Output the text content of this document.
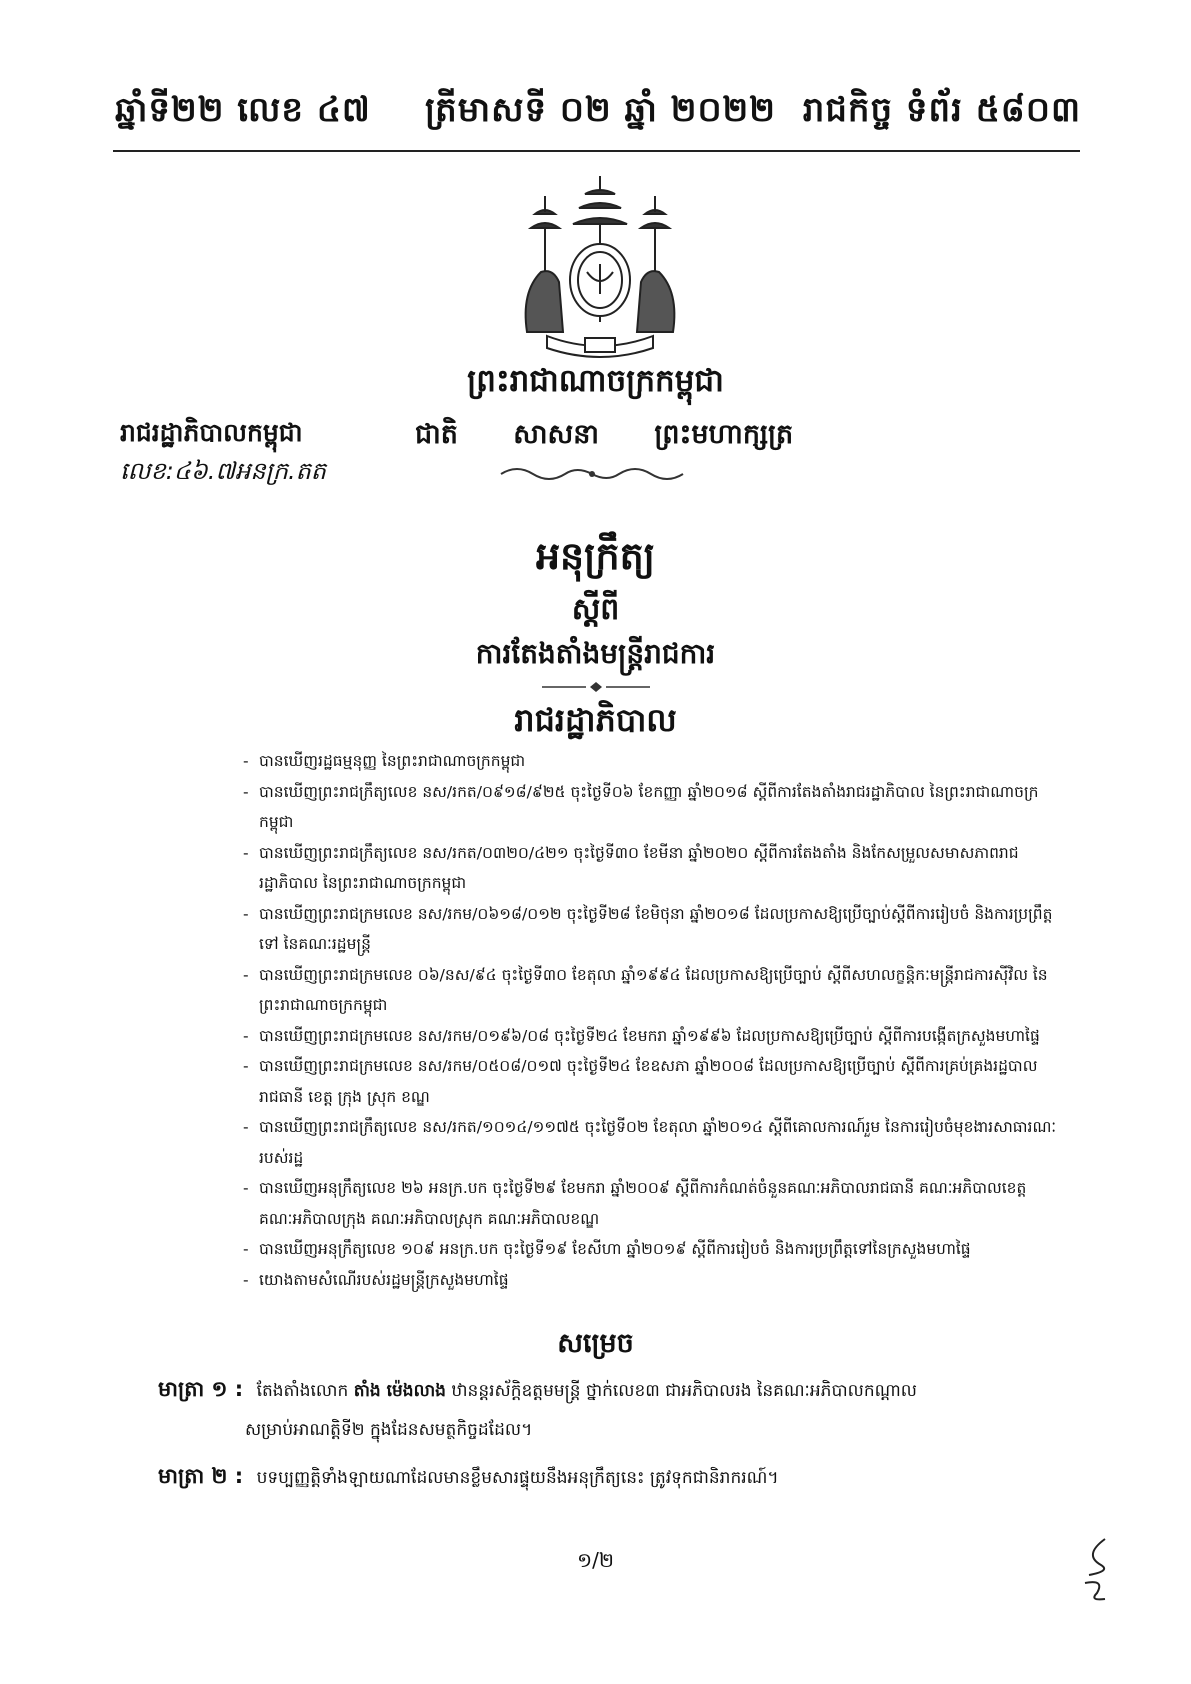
ឆ្នាំទី២២ លេខ ៤៧ ត្រីមាសទី ០២ ឆ្នាំ ២០២២ រាជកិច្ច ទំព័រ ៥៨០៣
ព្រះរាជាណាចក្រកម្ពុជា
រាជរដ្ឋាភិបាលកម្ពុជា	ជាតិ សាសនា ព្រះមហាក្សត្រ
លេខ:៤៦.៧អនក្រ.តត
អនុក្រឹត្យ
ស្តីពី
ការតែងតាំងមន្ត្រីរាជការ
រាជរដ្ឋាភិបាល
- បានឃើញរដ្ឋធម្មនុញ្ញ នៃព្រះរាជាណាចក្រកម្ពុជា
- បានឃើញព្រះរាជក្រឹត្យលេខ នស/រកត/០៩១៨/៩២៥ ចុះថ្ងៃទី០៦ ខែកញ្ញា ឆ្នាំ២០១៨ ស្តីពីការតែងតាំងរាជរដ្ឋាភិបាល នៃព្រះរាជាណាចក្រកម្ពុជា
- បានឃើញព្រះរាជក្រឹត្យលេខ នស/រកត/០៣២០/៤២១ ចុះថ្ងៃទី៣០ ខែមីនា ឆ្នាំ២០២០ ស្តីពីការតែងតាំង និងកែសម្រួលសមាសភាពរាជរដ្ឋាភិបាល នៃព្រះរាជាណាចក្រកម្ពុជា
- បានឃើញព្រះរាជក្រមលេខ នស/រកម/០៦១៨/០១២ ចុះថ្ងៃទី២៨ ខែមិថុនា ឆ្នាំ២០១៨ ដែលប្រកាសឱ្យប្រើច្បាប់ស្តីពីការរៀបចំ និងការប្រព្រឹត្តទៅ នៃគណៈរដ្ឋមន្ត្រី
- បានឃើញព្រះរាជក្រមលេខ ០៦/នស/៩៤ ចុះថ្ងៃទី៣០ ខែតុលា ឆ្នាំ១៩៩៤ ដែលប្រកាសឱ្យប្រើច្បាប់ ស្តីពីសហលក្ខន្តិកៈមន្ត្រីរាជការស៊ីវិល នៃព្រះរាជាណាចក្រកម្ពុជា
- បានឃើញព្រះរាជក្រមលេខ នស/រកម/០១៩៦/០៨ ចុះថ្ងៃទី២៤ ខែមករា ឆ្នាំ១៩៩៦ ដែលប្រកាសឱ្យប្រើច្បាប់ ស្តីពីការបង្កើតក្រសួងមហាផ្ទៃ
- បានឃើញព្រះរាជក្រមលេខ នស/រកម/០៥០៨/០១៧ ចុះថ្ងៃទី២៤ ខែឧសភា ឆ្នាំ២០០៨ ដែលប្រកាសឱ្យប្រើច្បាប់ ស្តីពីការគ្រប់គ្រងរដ្ឋបាលរាជធានី ខេត្ត ក្រុង ស្រុក ខណ្ឌ
- បានឃើញព្រះរាជក្រឹត្យលេខ នស/រកត/១០១៤/១១៧៥ ចុះថ្ងៃទី០២ ខែតុលា ឆ្នាំ២០១៤ ស្តីពីគោលការណ៍រួម នៃការរៀបចំមុខងារសាធារណៈរបស់រដ្ឋ
- បានឃើញអនុក្រឹត្យលេខ ២៦ អនក្រ.បក ចុះថ្ងៃទី២៩ ខែមករា ឆ្នាំ២០០៩ ស្តីពីការកំណត់ចំនួនគណៈអភិបាលរាជធានី គណៈអភិបាលខេត្ត គណៈអភិបាលក្រុង គណៈអភិបាលស្រុក គណៈអភិបាលខណ្ឌ
- បានឃើញអនុក្រឹត្យលេខ ១០៩ អនក្រ.បក ចុះថ្ងៃទី១៩ ខែសីហា ឆ្នាំ២០១៩ ស្តីពីការរៀបចំ និងការប្រព្រឹត្តទៅនៃក្រសួងមហាផ្ទៃ
- យោងតាមសំណើរបស់រដ្ឋមន្ត្រីក្រសួងមហាផ្ទៃ
សម្រេច
មាត្រា ១ : តែងតាំងលោក តាំង ម៉េងលាង ឋានន្តរស័ក្តិឧត្តមមន្ត្រី ថ្នាក់លេខ៣ ជាអភិបាលរង នៃគណៈអភិបាលកណ្តាល
សម្រាប់អាណត្តិទី២ ក្នុងដែនសមត្ថកិច្ចដដែល។
មាត្រា ២ : បទប្បញ្ញត្តិទាំងឡាយណាដែលមានខ្លឹមសារផ្ទុយនឹងអនុក្រឹត្យនេះ ត្រូវទុកជានិរាករណ៍។
១/២
